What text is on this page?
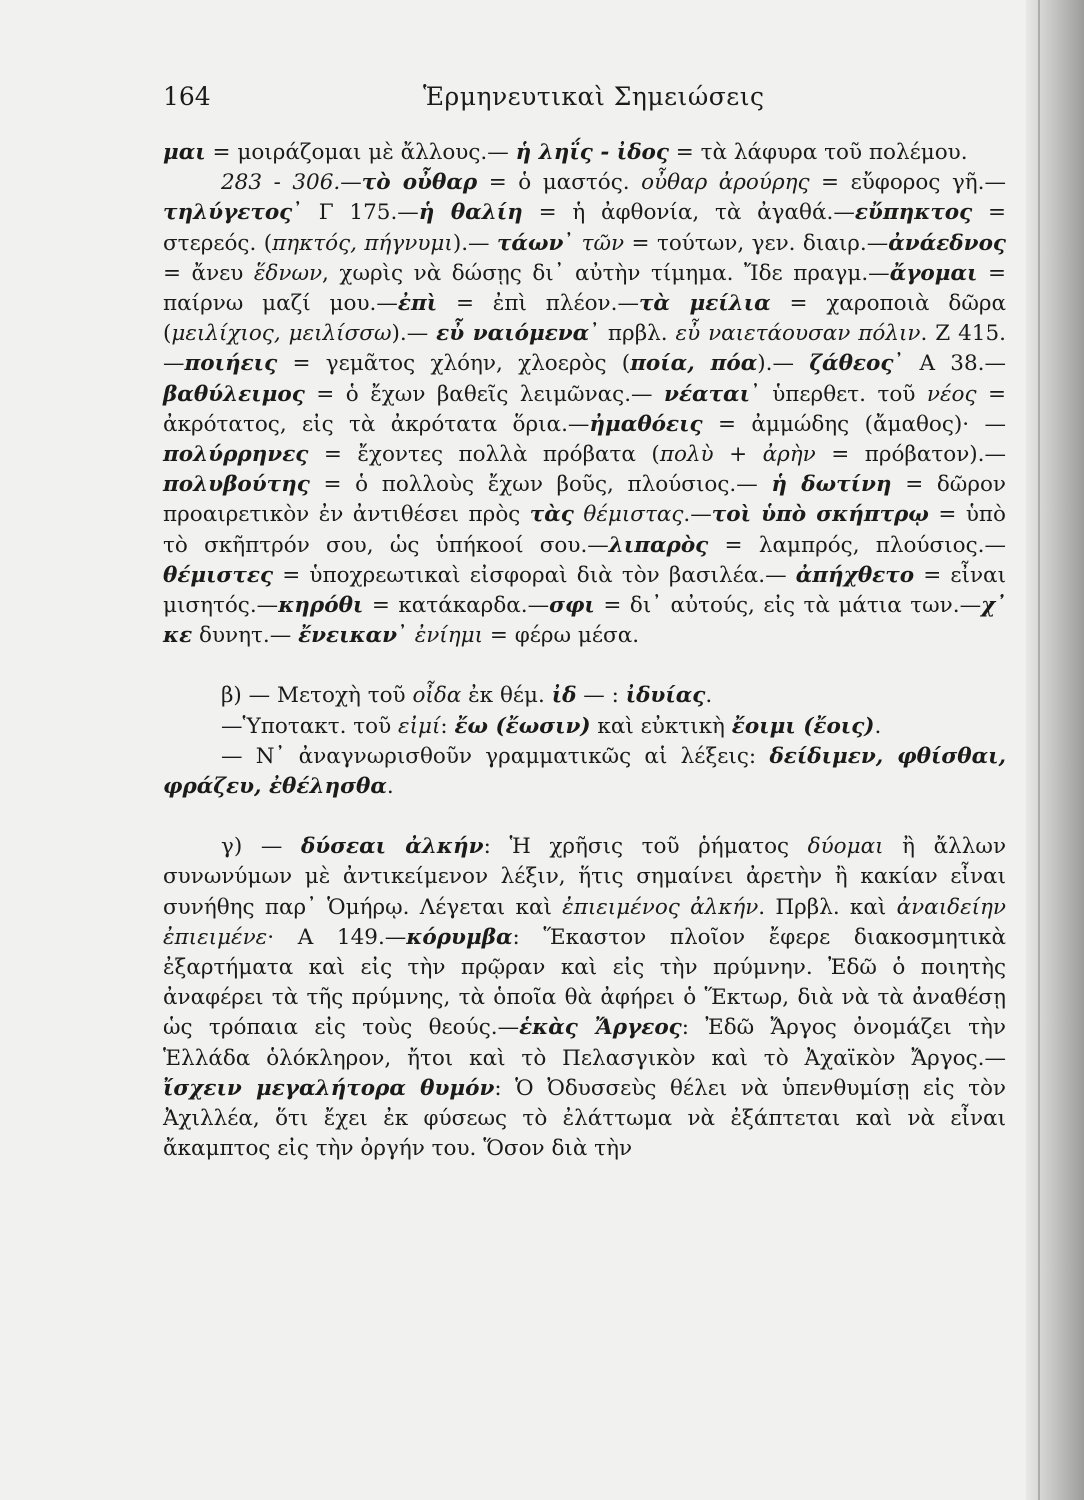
164	Ἑρμηνευτικαὶ Σημειώσεις

μαι = μοιράζομαι μὲ ἄλλους.— ἡ ληΐς - ἰδος = τὰ λάφυρα τοῦ πολέμου.

283 - 306.—τὸ οὖθαρ = ὁ μαστός. οὖθαρ ἀρούρης = εὔφορος γῆ.—τηλύγετος᾽ Γ 175.—ἡ θαλίη = ἡ ἀφθονία, τὰ ἀγαθά.—εὔπηκτος = στερεός. (πηκτός, πήγνυμι).— τάων᾽ τῶν = τούτων, γεν. διαιρ.—ἀνάεδνος = ἄνευ ἕδνων, χωρὶς νὰ δώσῃς δι᾽ αὐτὴν τίμημα. Ἴδε πραγμ.—ἄγομαι = παίρνω μαζί μου.—ἐπὶ = ἐπὶ πλέον.—τὰ μείλια = χαροποιὰ δῶρα (μειλίχιος, μειλίσσω).— εὖ ναιόμενα᾽ πρβλ. εὖ ναιετάουσαν πόλιν. Ζ 415.—ποιήεις = γεμᾶτος χλόην, χλοερὸς (ποία, πόα).— ζάθεος᾽ Α 38.—βαθύλειμος = ὁ ἔχων βαθεῖς λειμῶνας.— νέαται᾽ ὑπερθετ. τοῦ νέος = ἀκρότατος, εἰς τὰ ἀκρότατα ὅρια.—ἠμαθόεις = ἀμμώδης (ἄμαθος)· —πολύρρηνες = ἔχοντες πολλὰ πρόβατα (πολὺ + ἀρὴν = πρόβατον).—πολυβούτης = ὁ πολλοὺς ἔχων βοῦς, πλούσιος.— ἡ δωτίνη = δῶρον προαιρετικὸν ἐν ἀντιθέσει πρὸς τὰς θέμιστας.—τοὶ ὑπὸ σκήπτρῳ = ὑπὸ τὸ σκῆπτρόν σου, ὡς ὑπήκοοί σου.—λιπαρὸς = λαμπρός, πλούσιος.—θέμιστες = ὑποχρεωτικαὶ εἰσφοραὶ διὰ τὸν βασιλέα.— ἀπήχθετο = εἶναι μισητός.—κηρόθι = κατάκαρδα.—σφι = δι᾽ αὐτούς, εἰς τὰ μάτια των.—χ᾽ κε δυνητ.— ἔνεικαν᾽ ἐνίημι = φέρω μέσα.

β) — Μετοχὴ τοῦ οἶδα ἐκ θέμ. ἰδ — : ἰδυίας.

—Ὑποτακτ. τοῦ εἰμί: ἔω (ἔωσιν) καὶ εὐκτικὴ ἔοιμι (ἔοις).

— Ν᾽ ἀναγνωρισθοῦν γραμματικῶς αἱ λέξεις: δείδιμεν, φθίσθαι, φράζευ, ἐθέλησθα.

γ) — δύσεαι ἀλκήν: Ἡ χρῆσις τοῦ ῥήματος δύομαι ἢ ἄλλων συνωνύμων μὲ ἀντικείμενον λέξιν, ἥτις σημαίνει ἀρετὴν ἢ κακίαν εἶναι συνήθης παρ᾽ Ὁμήρῳ. Λέγεται καὶ ἐπιειμένος ἀλκήν. Πρβλ. καὶ ἀναιδείην ἐπιειμένε· Α 149.—κόρυμβα: Ἕκαστον πλοῖον ἔφερε διακοσμητικὰ ἐξαρτήματα καὶ εἰς τὴν πρῷραν καὶ εἰς τὴν πρύμνην. Ἐδῶ ὁ ποιητὴς ἀναφέρει τὰ τῆς πρύμνης, τὰ ὁποῖα θὰ ἀφήρει ὁ Ἕκτωρ, διὰ νὰ τὰ ἀναθέσῃ ὡς τρόπαια εἰς τοὺς θεούς.—ἑκὰς Ἄργεος: Ἐδῶ Ἄργος ὀνομάζει τὴν Ἑλλάδα ὁλόκληρον, ἤτοι καὶ τὸ Πελασγικὸν καὶ τὸ Ἀχαϊκὸν Ἄργος.— ἴσχειν μεγαλήτορα θυμόν: Ὁ Ὀδυσσεὺς θέλει νὰ ὑπενθυμίσῃ εἰς τὸν Ἀχιλλέα, ὅτι ἔχει ἐκ φύσεως τὸ ἐλάττωμα νὰ ἐξάπτεται καὶ νὰ εἶναι ἄκαμπτος εἰς τὴν ὀργήν του. Ὅσον διὰ τὴν
